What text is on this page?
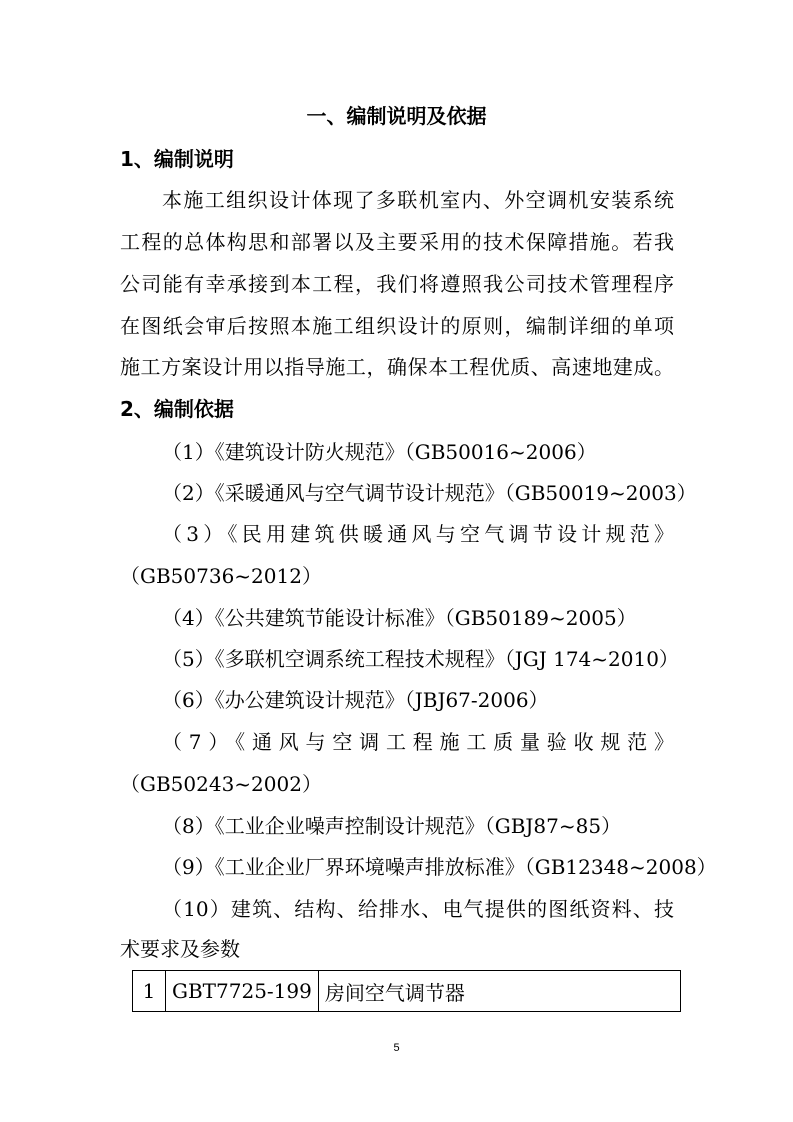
一、编制说明及依据
1、编制说明
本施工组织设计体现了多联机室内、外空调机安装系统
工程的总体构思和部署以及主要采用的技术保障措施。若我
公司能有幸承接到本工程，我们将遵照我公司技术管理程序
在图纸会审后按照本施工组织设计的原则，编制详细的单项
施工方案设计用以指导施工，确保本工程优质、高速地建成。
2、编制依据
（1）《建筑设计防火规范》（GB50016~2006）
（2）《采暖通风与空气调节设计规范》（GB50019~2003）
（3）《民用建筑供暖通风与空气调节设计规范》
（GB50736~2012）
（4）《公共建筑节能设计标准》（GB50189~2005）
（5）《多联机空调系统工程技术规程》（JGJ 174~2010）
（6）《办公建筑设计规范》（JBJ67-2006）
（7）《通风与空调工程施工质量验收规范》
（GB50243~2002）
（8）《工业企业噪声控制设计规范》（GBJ87~85）
（9）《工业企业厂界环境噪声排放标准》（GB12348~2008）
（10）建筑、结构、给排水、电气提供的图纸资料、技
术要求及参数
1	GBT7725-199	房间空气调节器
5
